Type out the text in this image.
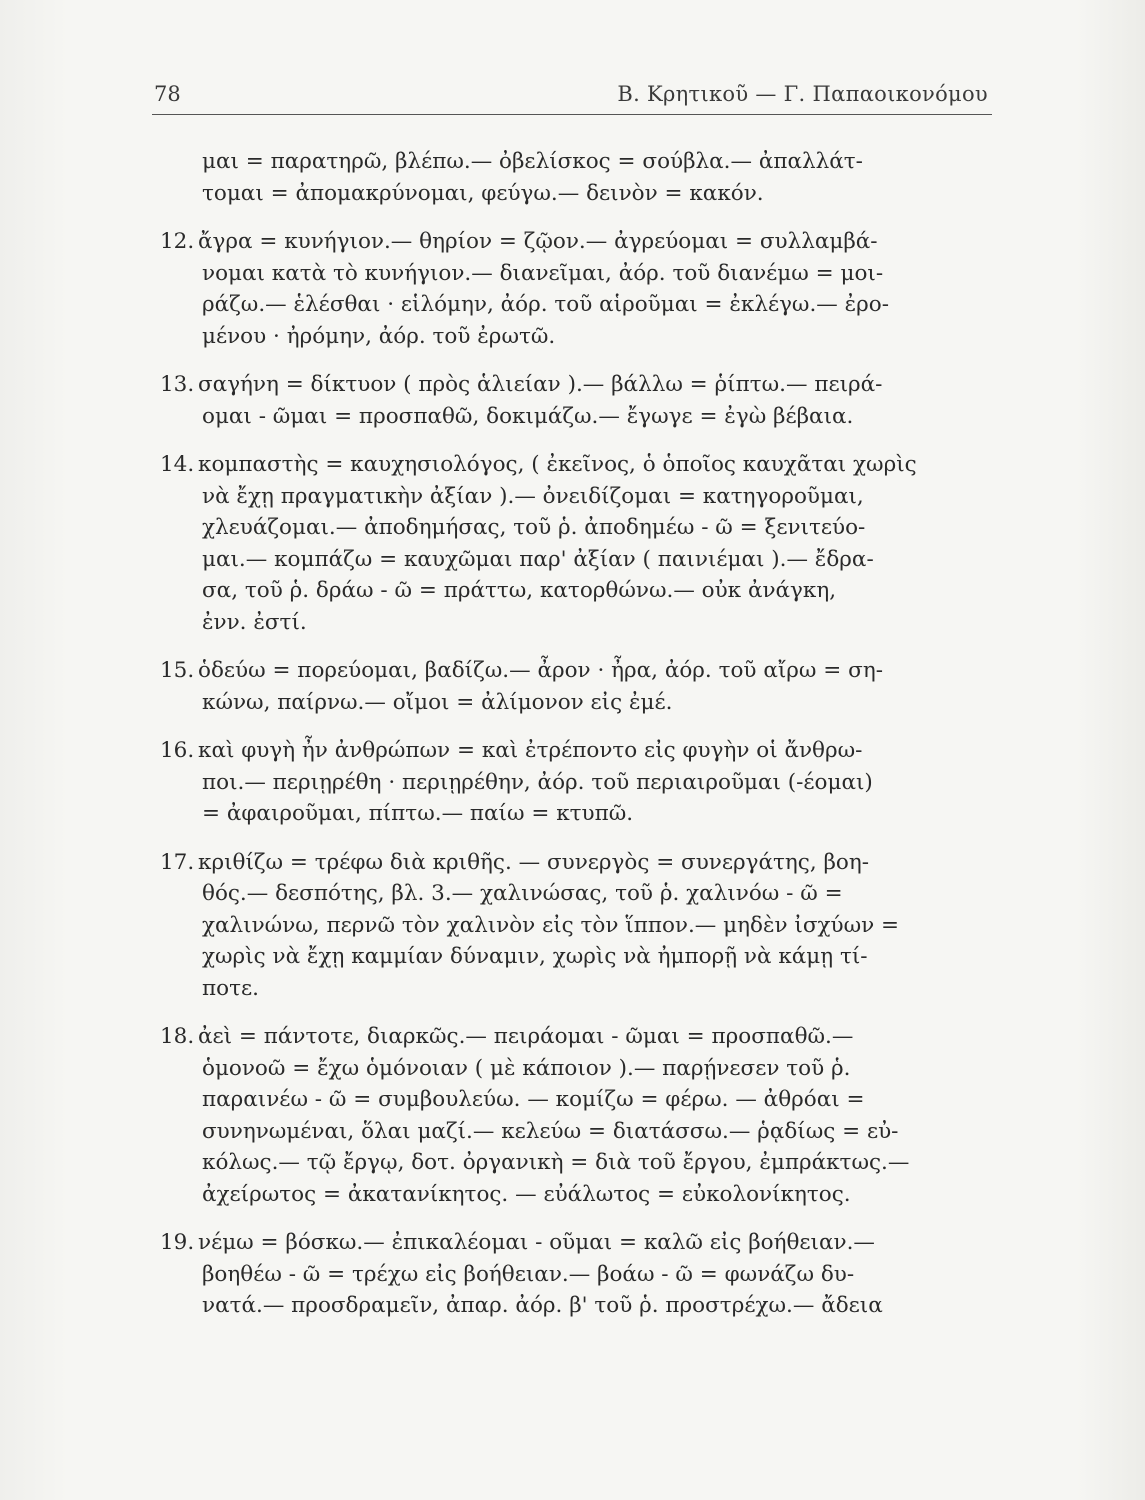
78	Β. Κρητικοῦ — Γ. Παπαοικονόμου
μαι = παρατηρῶ, βλέπω.— ὀβελίσκος = σούβλα.— ἀπαλλάτ-
τομαι = ἀπομακρύνομαι, φεύγω.— δεινὸν = κακόν.
12. ἄγρα = κυνήγιον.— θηρίον = ζῷον.— ἀγρεύομαι = συλλαμβά-
νομαι κατὰ τὸ κυνήγιον.— διανεῖμαι, ἀόρ. τοῦ διανέμω = μοι-
ράζω.— ἑλέσθαι · εἱλόμην, ἀόρ. τοῦ αἱροῦμαι = ἐκλέγω.— ἐρο-
μένου · ἠρόμην, ἀόρ. τοῦ ἐρωτῶ.
13. σαγήνη = δίκτυον ( πρὸς ἁλιείαν ).— βάλλω = ῥίπτω.— πειρά-
ομαι - ῶμαι = προσπαθῶ, δοκιμάζω.— ἔγωγε = ἐγὼ βέβαια.
14. κομπαστὴς = καυχησιολόγος, ( ἐκεῖνος, ὁ ὁποῖος καυχᾶται χωρὶς
νὰ ἔχῃ πραγματικὴν ἀξίαν ).— ὀνειδίζομαι = κατηγοροῦμαι,
χλευάζομαι.— ἀποδημήσας, τοῦ ῥ. ἀποδημέω - ῶ = ξενιτεύο-
μαι.— κομπάζω = καυχῶμαι παρ' ἀξίαν ( παινιέμαι ).— ἔδρα-
σα, τοῦ ῥ. δράω - ῶ = πράττω, κατορθώνω.— οὐκ ἀνάγκη,
ἐνν. ἐστί.
15. ὁδεύω = πορεύομαι, βαδίζω.— ἆρον · ἦρα, ἀόρ. τοῦ αἴρω = ση-
κώνω, παίρνω.— οἴμοι = ἀλίμονον εἰς ἐμέ.
16. καὶ φυγὴ ἦν ἀνθρώπων = καὶ ἐτρέποντο εἰς φυγὴν οἱ ἄνθρω-
ποι.— περιῃρέθη · περιῃρέθην, ἀόρ. τοῦ περιαιροῦμαι (-έομαι)
= ἀφαιροῦμαι, πίπτω.— παίω = κτυπῶ.
17. κριθίζω = τρέφω διὰ κριθῆς. — συνεργὸς = συνεργάτης, βοη-
θός.— δεσπότης, βλ. 3.— χαλινώσας, τοῦ ῥ. χαλινόω - ῶ =
χαλινώνω, περνῶ τὸν χαλινὸν εἰς τὸν ἵππον.— μηδὲν ἰσχύων =
χωρὶς νὰ ἔχῃ καμμίαν δύναμιν, χωρὶς νὰ ἠμπορῇ νὰ κάμῃ τί-
ποτε.
18. ἀεὶ = πάντοτε, διαρκῶς.— πειράομαι - ῶμαι = προσπαθῶ.—
ὁμονοῶ = ἔχω ὁμόνοιαν ( μὲ κάποιον ).— παρῄνεσεν τοῦ ῥ.
παραινέω - ῶ = συμβουλεύω. — κομίζω = φέρω. — ἀθρόαι =
συνηνωμέναι, ὅλαι μαζί.— κελεύω = διατάσσω.— ῥᾳδίως = εὐ-
κόλως.— τῷ ἔργῳ, δοτ. ὀργανικὴ = διὰ τοῦ ἔργου, ἐμπράκτως.—
ἀχείρωτος = ἀκατανίκητος. — εὐάλωτος = εὐκολονίκητος.
19. νέμω = βόσκω.— ἐπικαλέομαι - οῦμαι = καλῶ εἰς βοήθειαν.—
βοηθέω - ῶ = τρέχω εἰς βοήθειαν.— βοάω - ῶ = φωνάζω δυ-
νατά.— προσδραμεῖν, ἀπαρ. ἀόρ. β' τοῦ ῥ. προστρέχω.— ἄδεια
